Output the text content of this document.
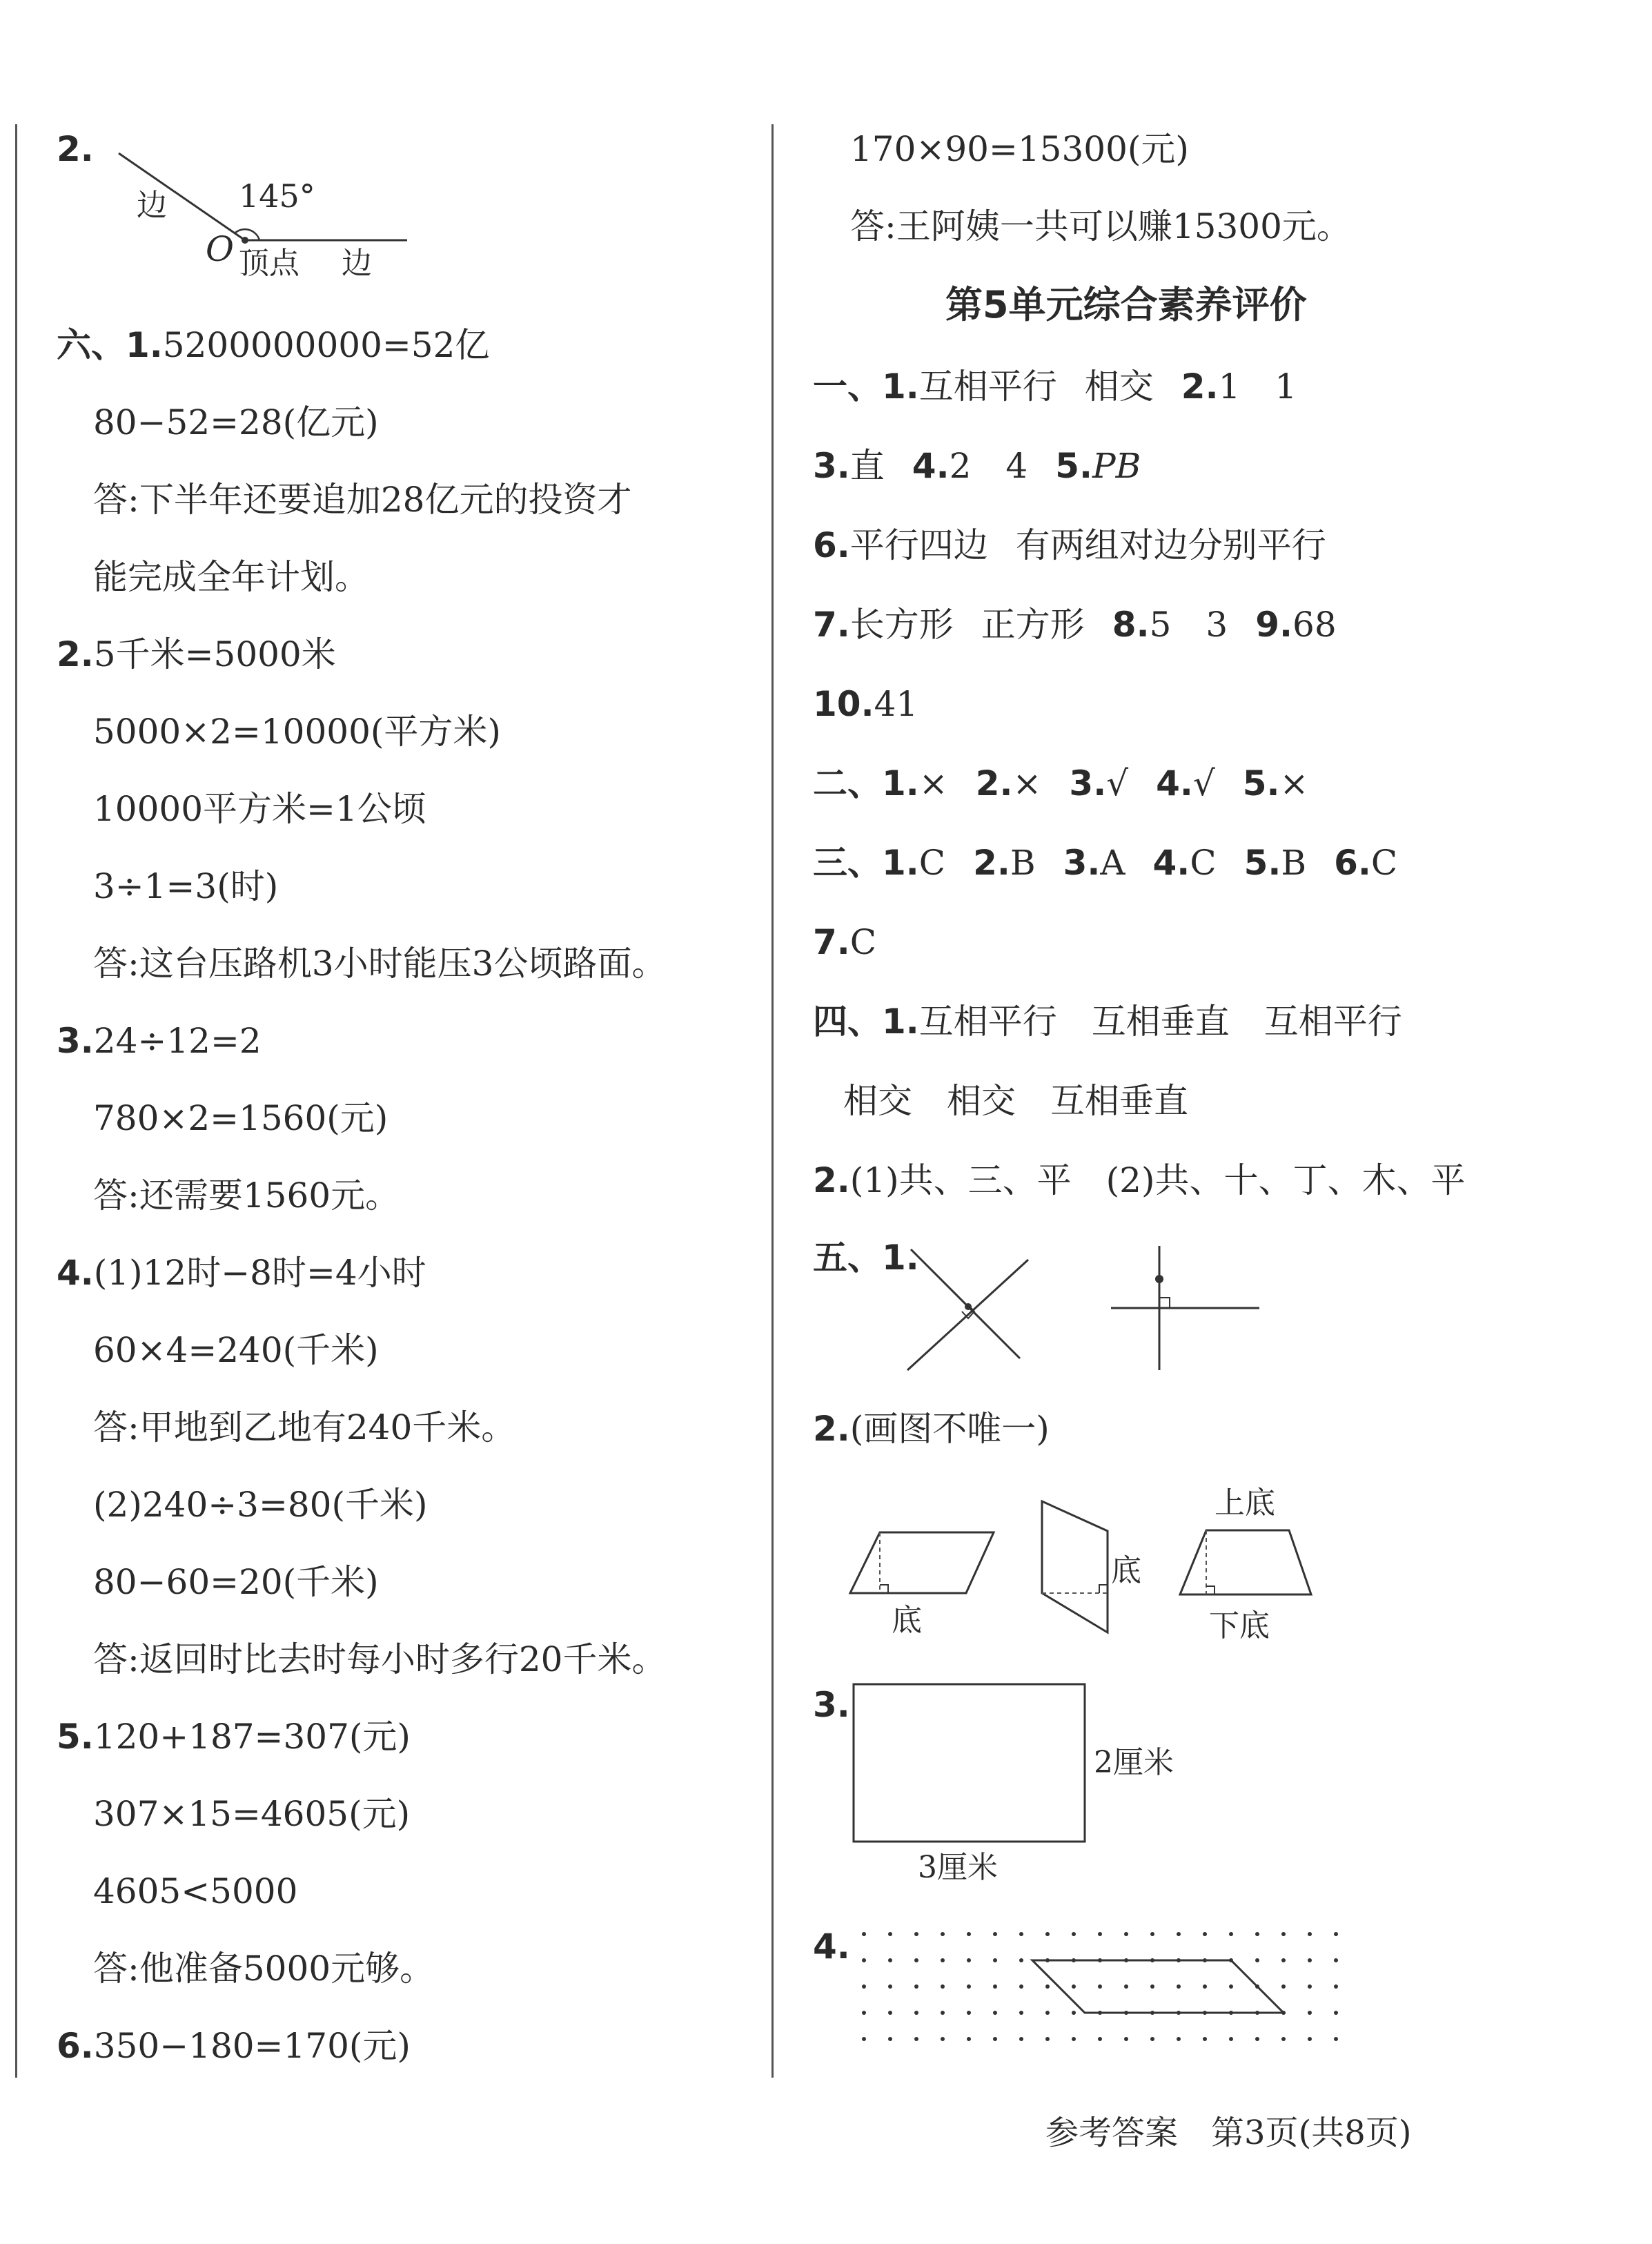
2.
边 145°
O 顶点 边
六、1.5200000000=52亿
80−52=28(亿元)
答:下半年还要追加28亿元的投资才
能完成全年计划。
2.5千米=5000米
5000×2=10000(平方米)
10000平方米=1公顷
3÷1=3(时)
答:这台压路机3小时能压3公顷路面。
3.24÷12=2
780×2=1560(元)
答:还需要1560元。
4.(1)12时−8时=4小时
60×4=240(千米)
答:甲地到乙地有240千米。
(2)240÷3=80(千米)
80−60=20(千米)
答:返回时比去时每小时多行20千米。
5.120+187=307(元)
307×15=4605(元)
4605<5000
答:他准备5000元够。
6.350−180=170(元)
170×90=15300(元)
答:王阿姨一共可以赚15300元。
第5单元综合素养评价
一、1.互相平行 相交 2.1　1
3.直 4.2　4 5.PB
6.平行四边 有两组对边分别平行
7.长方形 正方形 8.5　3 9.68
10.41
二、1.× 2.× 3.√ 4.√ 5.×
三、1.C 2.B 3.A 4.C 5.B 6.C
7.C
四、1.互相平行　互相垂直　互相平行
相交　相交　互相垂直
2.(1)共、三、平　(2)共、十、丁、木、平
五、1.
2.(画图不唯一)
底
底
上底
下底
3.
2厘米
3厘米
4.
参考答案　第3页(共8页)
